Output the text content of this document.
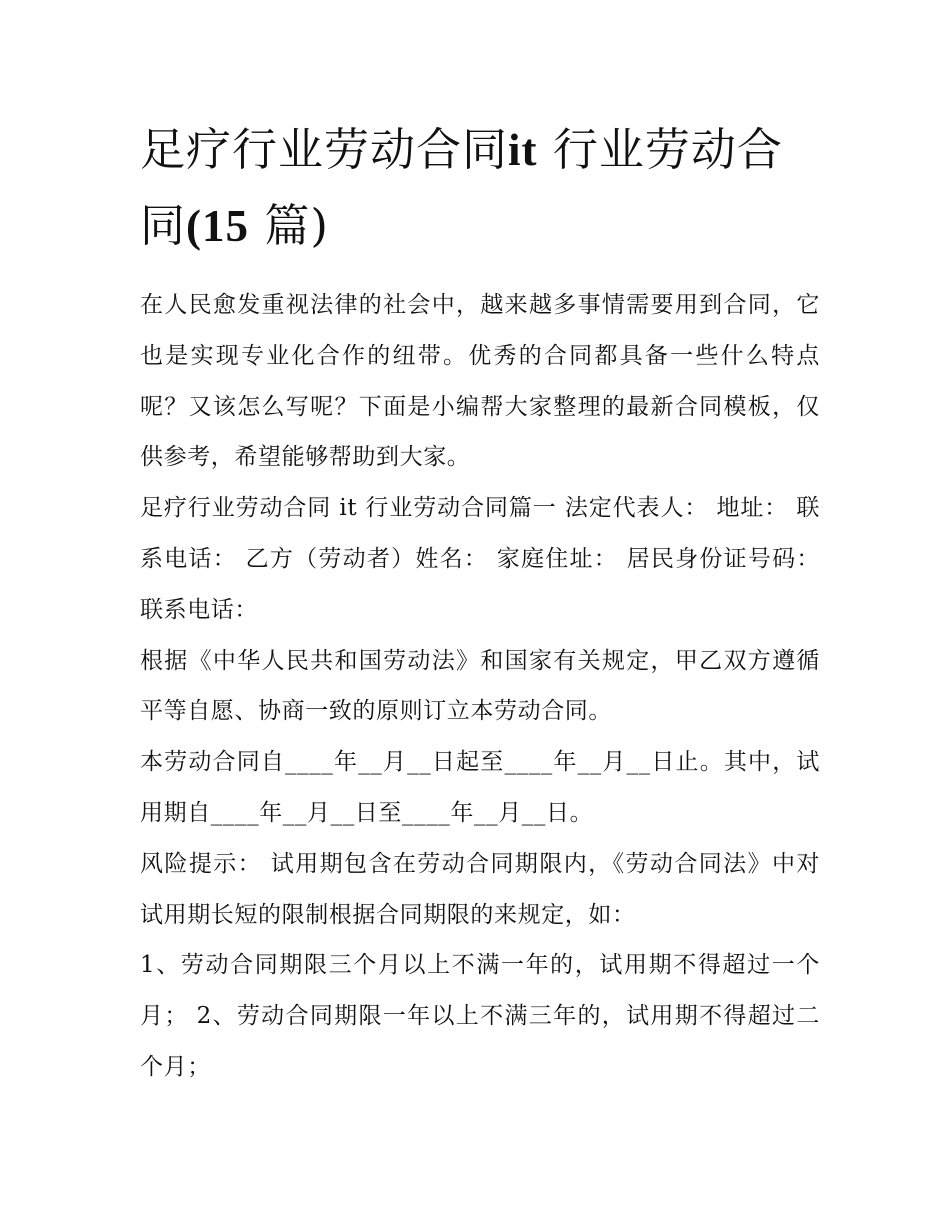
足疗行业劳动合同it 行业劳动合同(15 篇)

在人民愈发重视法律的社会中，越来越多事情需要用到合同，它也是实现专业化合作的纽带。优秀的合同都具备一些什么特点呢？又该怎么写呢？下面是小编帮大家整理的最新合同模板，仅供参考，希望能够帮助到大家。

足疗行业劳动合同 it 行业劳动合同篇一 法定代表人： 地址： 联系电话： 乙方（劳动者）姓名： 家庭住址： 居民身份证号码： 联系电话：

根据《中华人民共和国劳动法》和国家有关规定，甲乙双方遵循平等自愿、协商一致的原则订立本劳动合同。

本劳动合同自____年__月__日起至____年__月__日止。其中，试用期自____年__月__日至____年__月__日。

风险提示： 试用期包含在劳动合同期限内，《劳动合同法》中对试用期长短的限制根据合同期限的来规定，如：

1、劳动合同期限三个月以上不满一年的，试用期不得超过一个月； 2、劳动合同期限一年以上不满三年的，试用期不得超过二个月；
